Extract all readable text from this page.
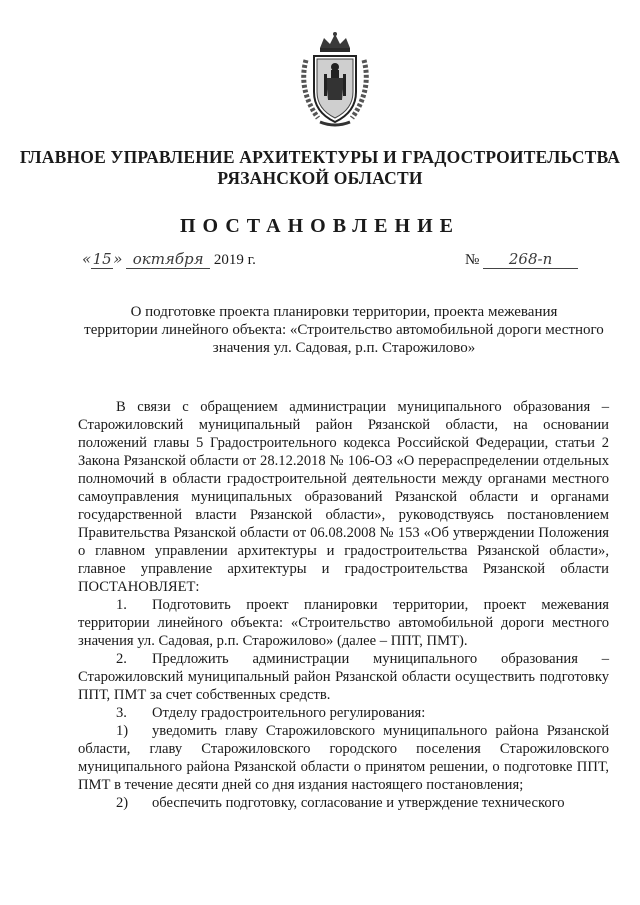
ГЛАВНОЕ УПРАВЛЕНИЕ АРХИТЕКТУРЫ И ГРАДОСТРОИТЕЛЬСТВА
РЯЗАНСКОЙ ОБЛАСТИ
ПОСТАНОВЛЕНИЕ
«15» октября 2019 г.	№ 268-п
О подготовке проекта планировки территории, проекта межевания
территории линейного объекта: «Строительство автомобильной дороги местного
значения ул. Садовая, р.п. Старожилово»

В связи с обращением администрации муниципального образования – Старожиловский муниципальный район Рязанской области, на основании положений главы 5 Градостроительного кодекса Российской Федерации, статьи 2 Закона Рязанской области от 28.12.2018 № 106-ОЗ «О перераспределении отдельных полномочий в области градостроительной деятельности между органами местного самоуправления муниципальных образований Рязанской области и органами государственной власти Рязанской области», руководствуясь постановлением Правительства Рязанской области от 06.08.2008 № 153 «Об утверждении Положения о главном управлении архитектуры и градостроительства Рязанской области», главное управление архитектуры и градостроительства Рязанской области ПОСТАНОВЛЯЕТ:

1. Подготовить проект планировки территории, проект межевания территории линейного объекта: «Строительство автомобильной дороги местного значения ул. Садовая, р.п. Старожилово» (далее – ППТ, ПМТ).

2. Предложить администрации муниципального образования – Старожиловский муниципальный район Рязанской области осуществить подготовку ППТ, ПМТ за счет собственных средств.

3. Отделу градостроительного регулирования:

1) уведомить главу Старожиловского муниципального района Рязанской области, главу Старожиловского городского поселения Старожиловского муниципального района Рязанской области о принятом решении, о подготовке ППТ, ПМТ в течение десяти дней со дня издания настоящего постановления;

2) обеспечить подготовку, согласование и утверждение технического
